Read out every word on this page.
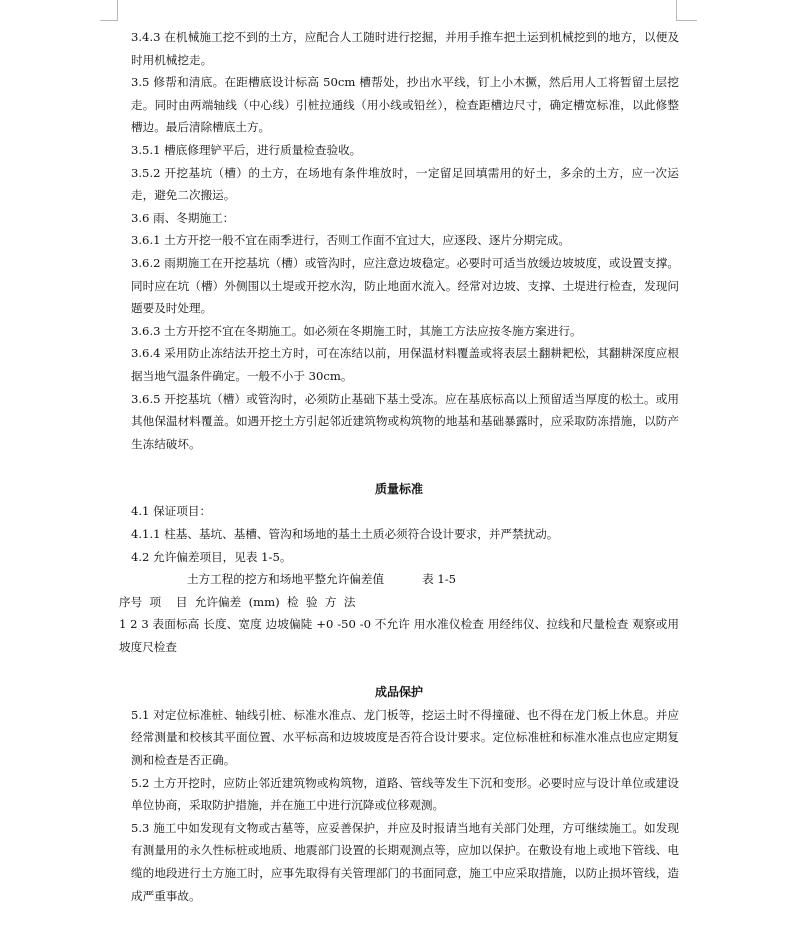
3.4.3 在机械施工挖不到的土方，应配合人工随时进行挖掘，并用手推车把土运到机械挖到的地方，以便及时用机械挖走。

3.5 修帮和清底。在距槽底设计标高 50cm 槽帮处，抄出水平线，钉上小木撅，然后用人工将暂留土层挖走。同时由两端轴线（中心线）引桩拉通线（用小线或铅丝），检查距槽边尺寸，确定槽宽标准，以此修整槽边。最后清除槽底土方。

3.5.1 槽底修理铲平后，进行质量检查验收。

3.5.2 开挖基坑（槽）的土方，在场地有条件堆放时，一定留足回填需用的好土，多余的土方，应一次运走，避免二次搬运。

3.6 雨、冬期施工：

3.6.1 土方开挖一般不宜在雨季进行，否则工作面不宜过大，应逐段、逐片分期完成。

3.6.2 雨期施工在开挖基坑（槽）或管沟时，应注意边坡稳定。必要时可适当放缓边坡坡度，或设置支撑。同时应在坑（槽）外侧围以土堤或开挖水沟，防止地面水流入。经常对边坡、支撑、土堤进行检查，发现问题要及时处理。

3.6.3 土方开挖不宜在冬期施工。如必须在冬期施工时，其施工方法应按冬施方案进行。

3.6.4 采用防止冻结法开挖土方时，可在冻结以前，用保温材料覆盖或将表层土翻耕耙松，其翻耕深度应根据当地气温条件确定。一般不小于 30cm。

3.6.5 开挖基坑（槽）或管沟时，必须防止基础下基土受冻。应在基底标高以上预留适当厚度的松土。或用其他保温材料覆盖。如遇开挖土方引起邻近建筑物或构筑物的地基和基础暴露时，应采取防冻措施，以防产生冻结破坏。

质量标准

4.1 保证项目：

4.1.1 柱基、基坑、基槽、管沟和场地的基土土质必须符合设计要求，并严禁扰动。

4.2 允许偏差项目，见表 1-5。

土方工程的挖方和场地平整允许偏差值	表 1-5

序号  项    目  允许偏差  (mm)  检  验  方  法

1 2 3 表面标高 长度、宽度 边坡偏陡 +0 -50 -0 不允许 用水准仪检查 用经纬仪、拉线和尺量检查 观察或用坡度尺检查

成品保护

5.1 对定位标准桩、轴线引桩、标准水准点、龙门板等，挖运土时不得撞碰、也不得在龙门板上休息。并应经常测量和校核其平面位置、水平标高和边坡坡度是否符合设计要求。定位标准桩和标准水准点也应定期复测和检查是否正确。

5.2 土方开挖时，应防止邻近建筑物或构筑物，道路、管线等发生下沉和变形。必要时应与设计单位或建设单位协商，采取防护措施，并在施工中进行沉降或位移观测。

5.3 施工中如发现有文物或古墓等，应妥善保护，并应及时报请当地有关部门处理，方可继续施工。如发现有测量用的永久性标桩或地质、地震部门设置的长期观测点等，应加以保护。在敷设有地上或地下管线、电缆的地段进行土方施工时，应事先取得有关管理部门的书面同意，施工中应采取措施，以防止损坏管线，造成严重事故。
